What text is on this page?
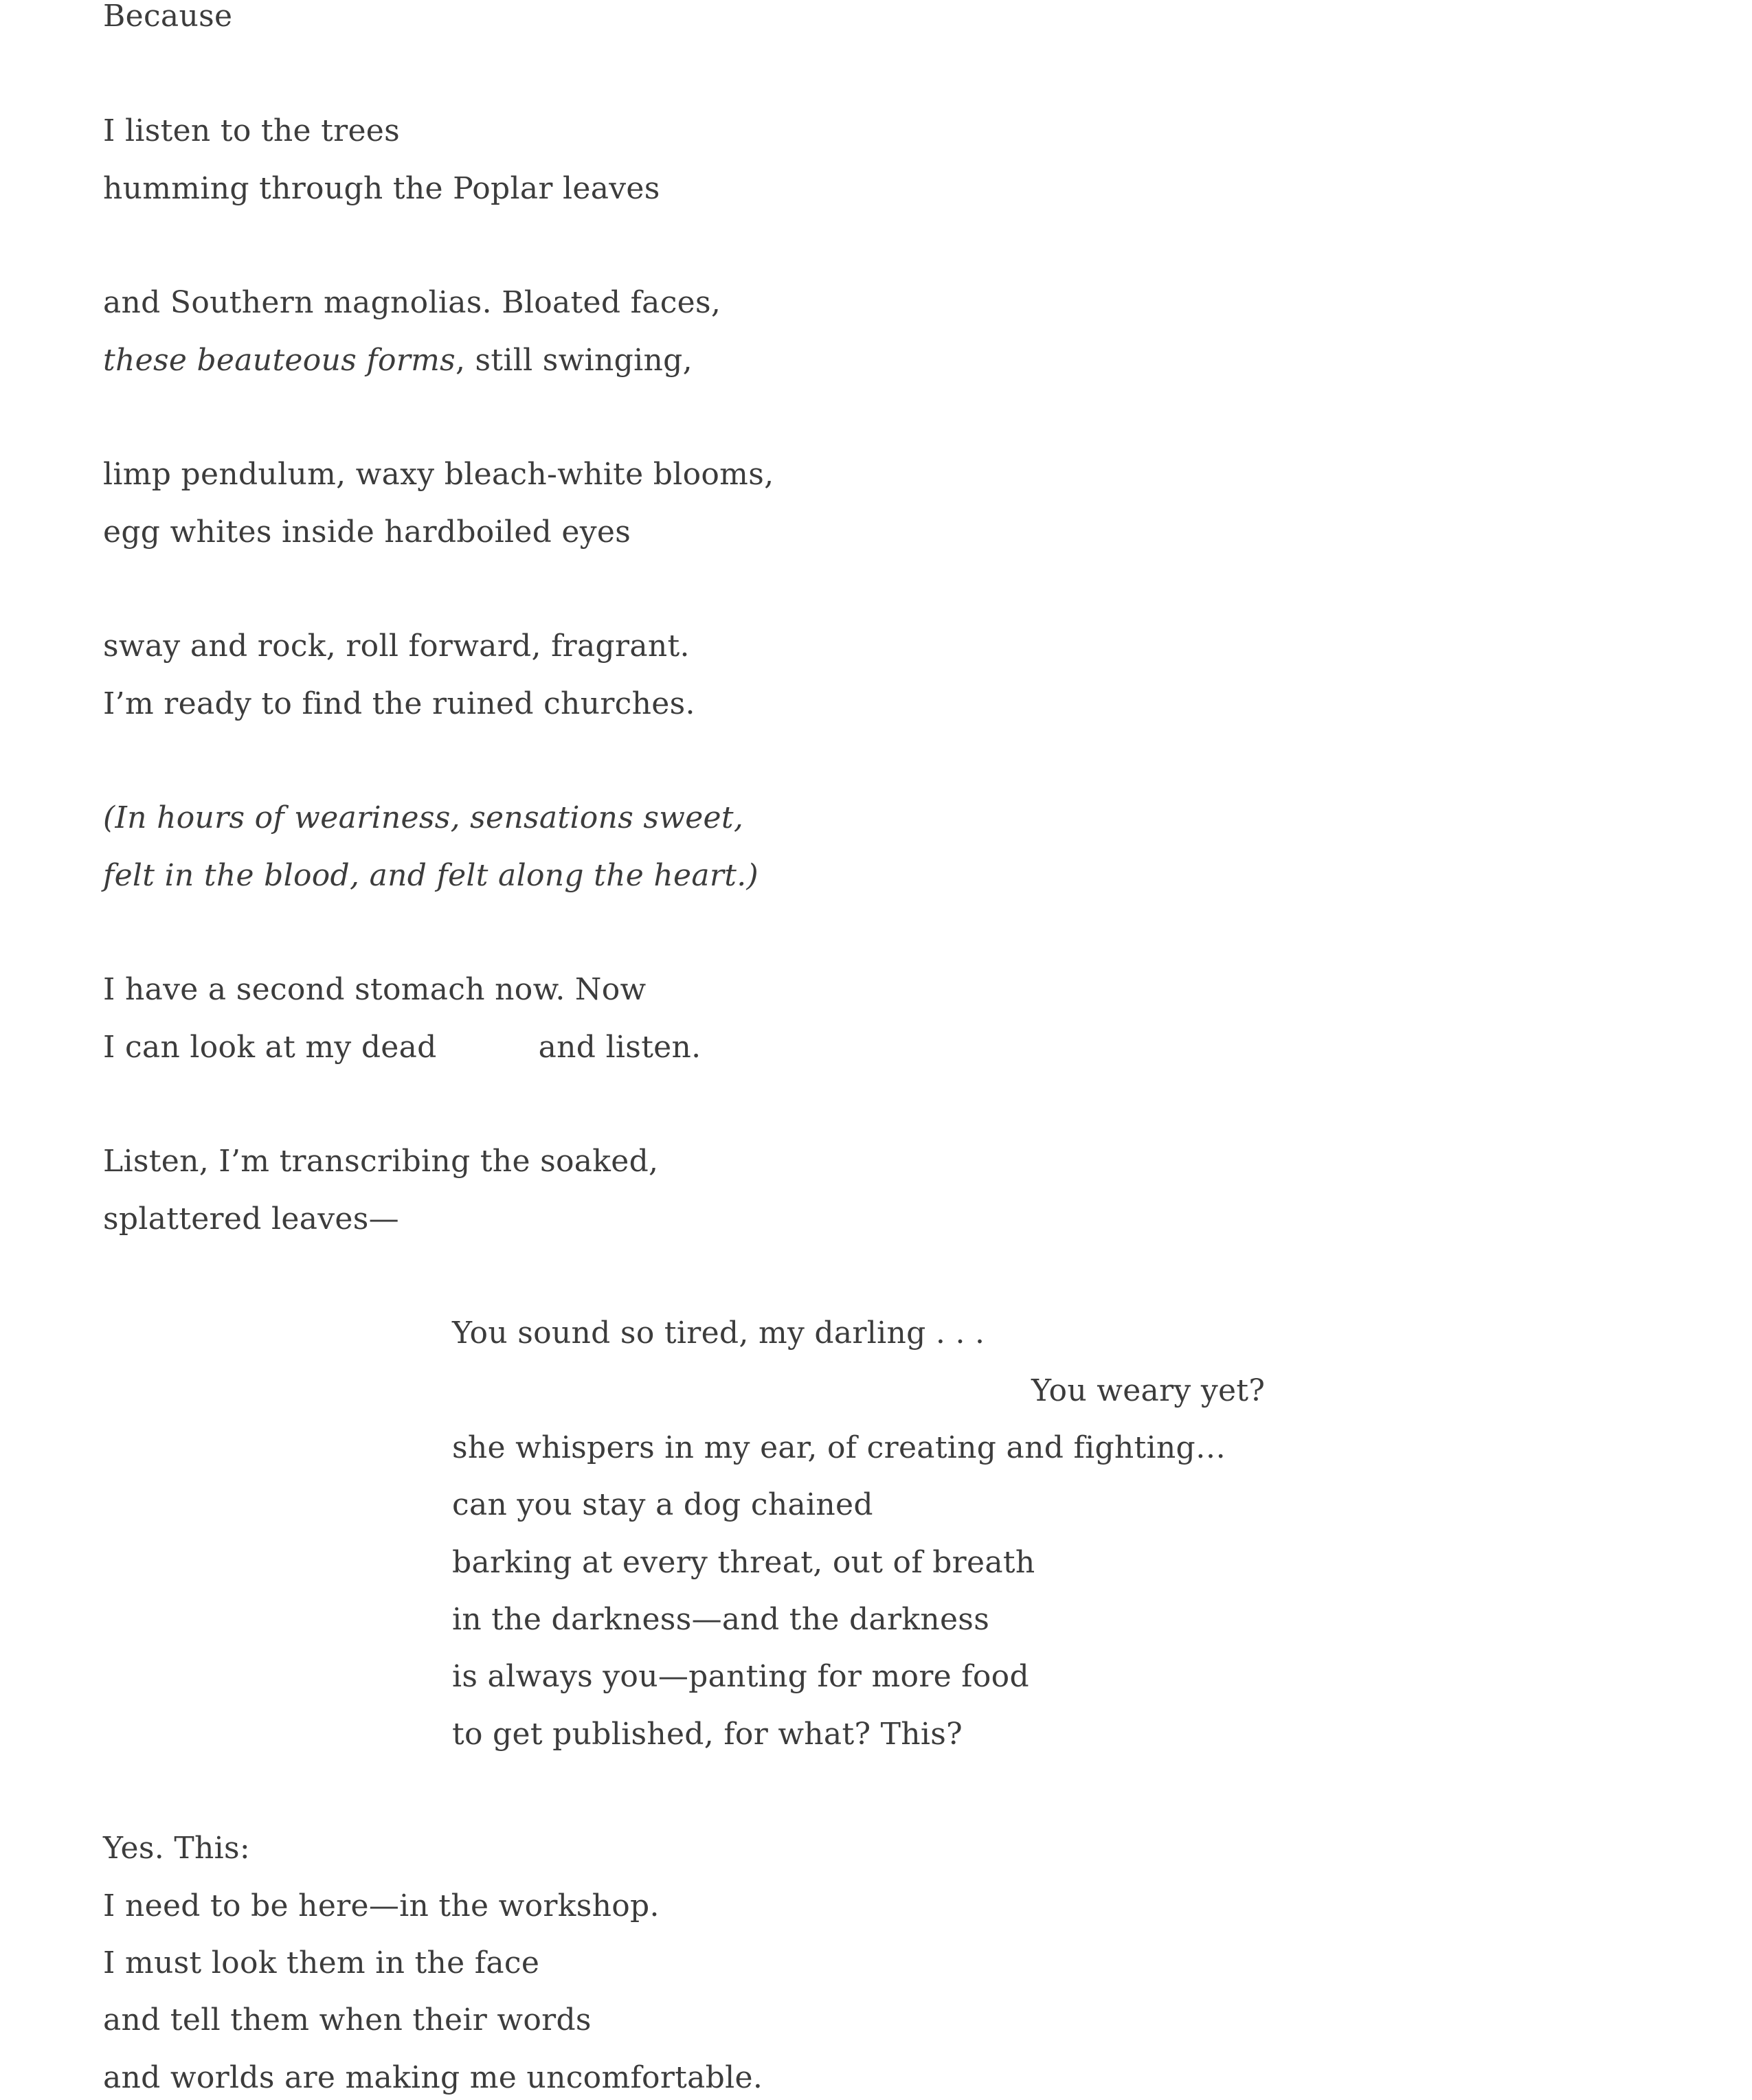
Because
I listen to the trees
humming through the Poplar leaves
and Southern magnolias. Bloated faces,
these beauteous forms, still swinging,
limp pendulum, waxy bleach-white blooms,
egg whites inside hardboiled eyes
sway and rock, roll forward, fragrant.
I’m ready to find the ruined churches.
(In hours of weariness, sensations sweet,
felt in the blood, and felt along the heart.)
I have a second stomach now. Now
I can look at my dead	and listen.
Listen, I’m transcribing the soaked,
splattered leaves—
You sound so tired, my darling . . .
You weary yet?
she whispers in my ear, of creating and fighting…
can you stay a dog chained
barking at every threat, out of breath
in the darkness—and the darkness
is always you—panting for more food
to get published, for what? This?
Yes. This:
I need to be here—in the workshop.
I must look them in the face
and tell them when their words
and worlds are making me uncomfortable.
